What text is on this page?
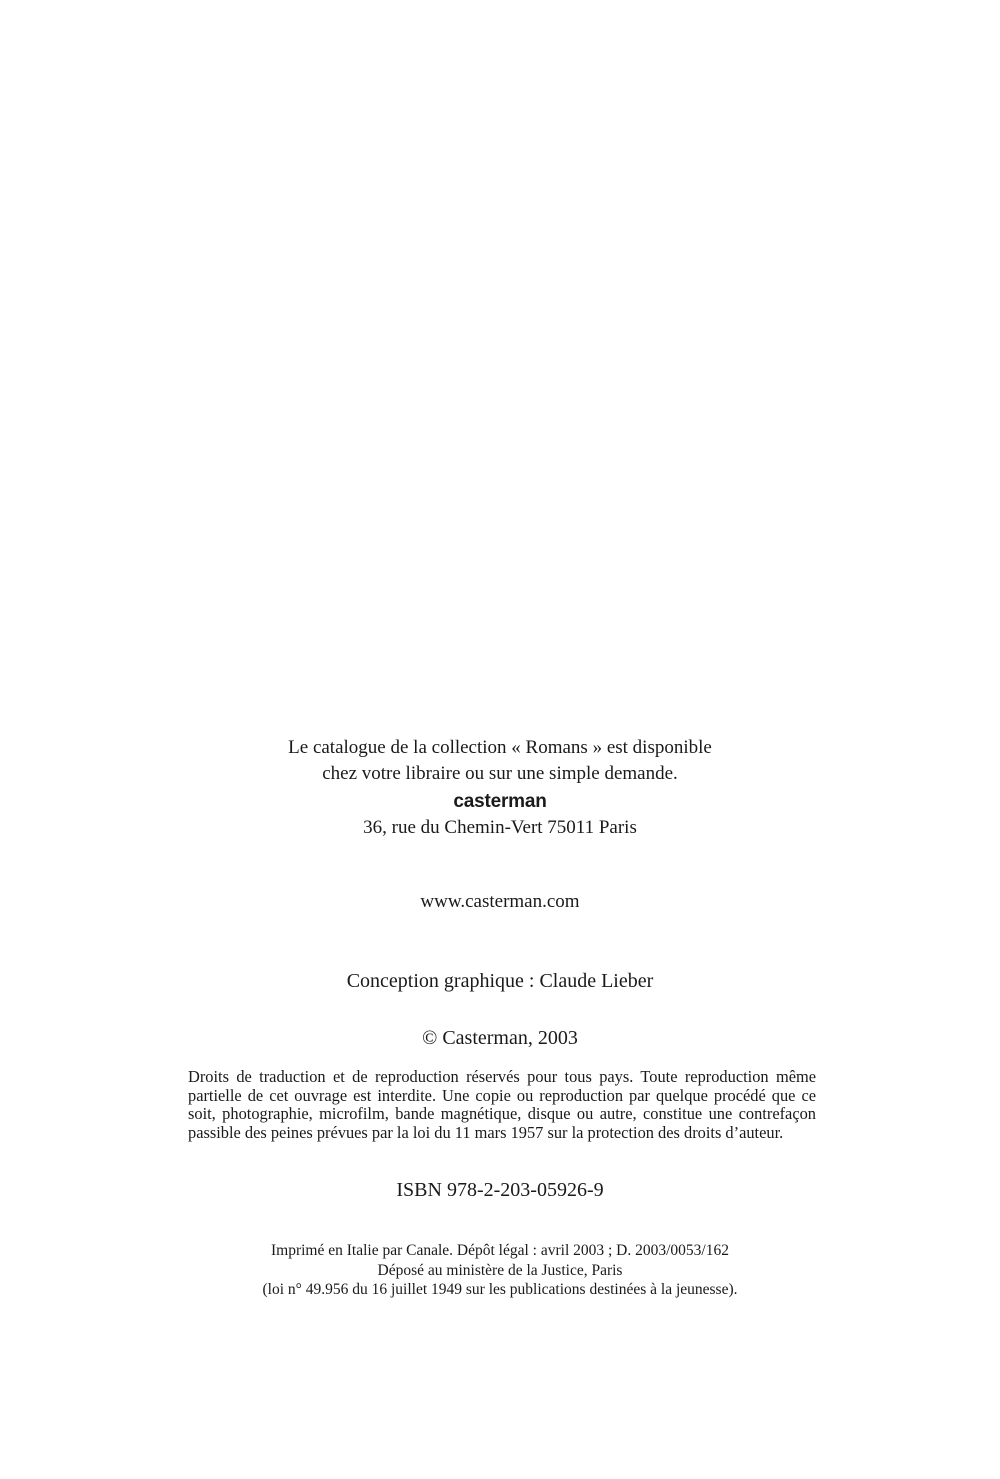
Le catalogue de la collection « Romans » est disponible
chez votre libraire ou sur une simple demande.
casterman
36, rue du Chemin-Vert 75011 Paris
www.casterman.com
Conception graphique : Claude Lieber
© Casterman, 2003
Droits de traduction et de reproduction réservés pour tous pays. Toute reproduction même partielle de cet ouvrage est interdite. Une copie ou reproduction par quelque procédé que ce soit, photographie, microfilm, bande magnétique, disque ou autre, constitue une contrefaçon passible des peines prévues par la loi du 11 mars 1957 sur la protection des droits d’auteur.
ISBN 978-2-203-05926-9
Imprimé en Italie par Canale. Dépôt légal : avril 2003 ; D. 2003/0053/162
Déposé au ministère de la Justice, Paris
(loi n° 49.956 du 16 juillet 1949 sur les publications destinées à la jeunesse).
